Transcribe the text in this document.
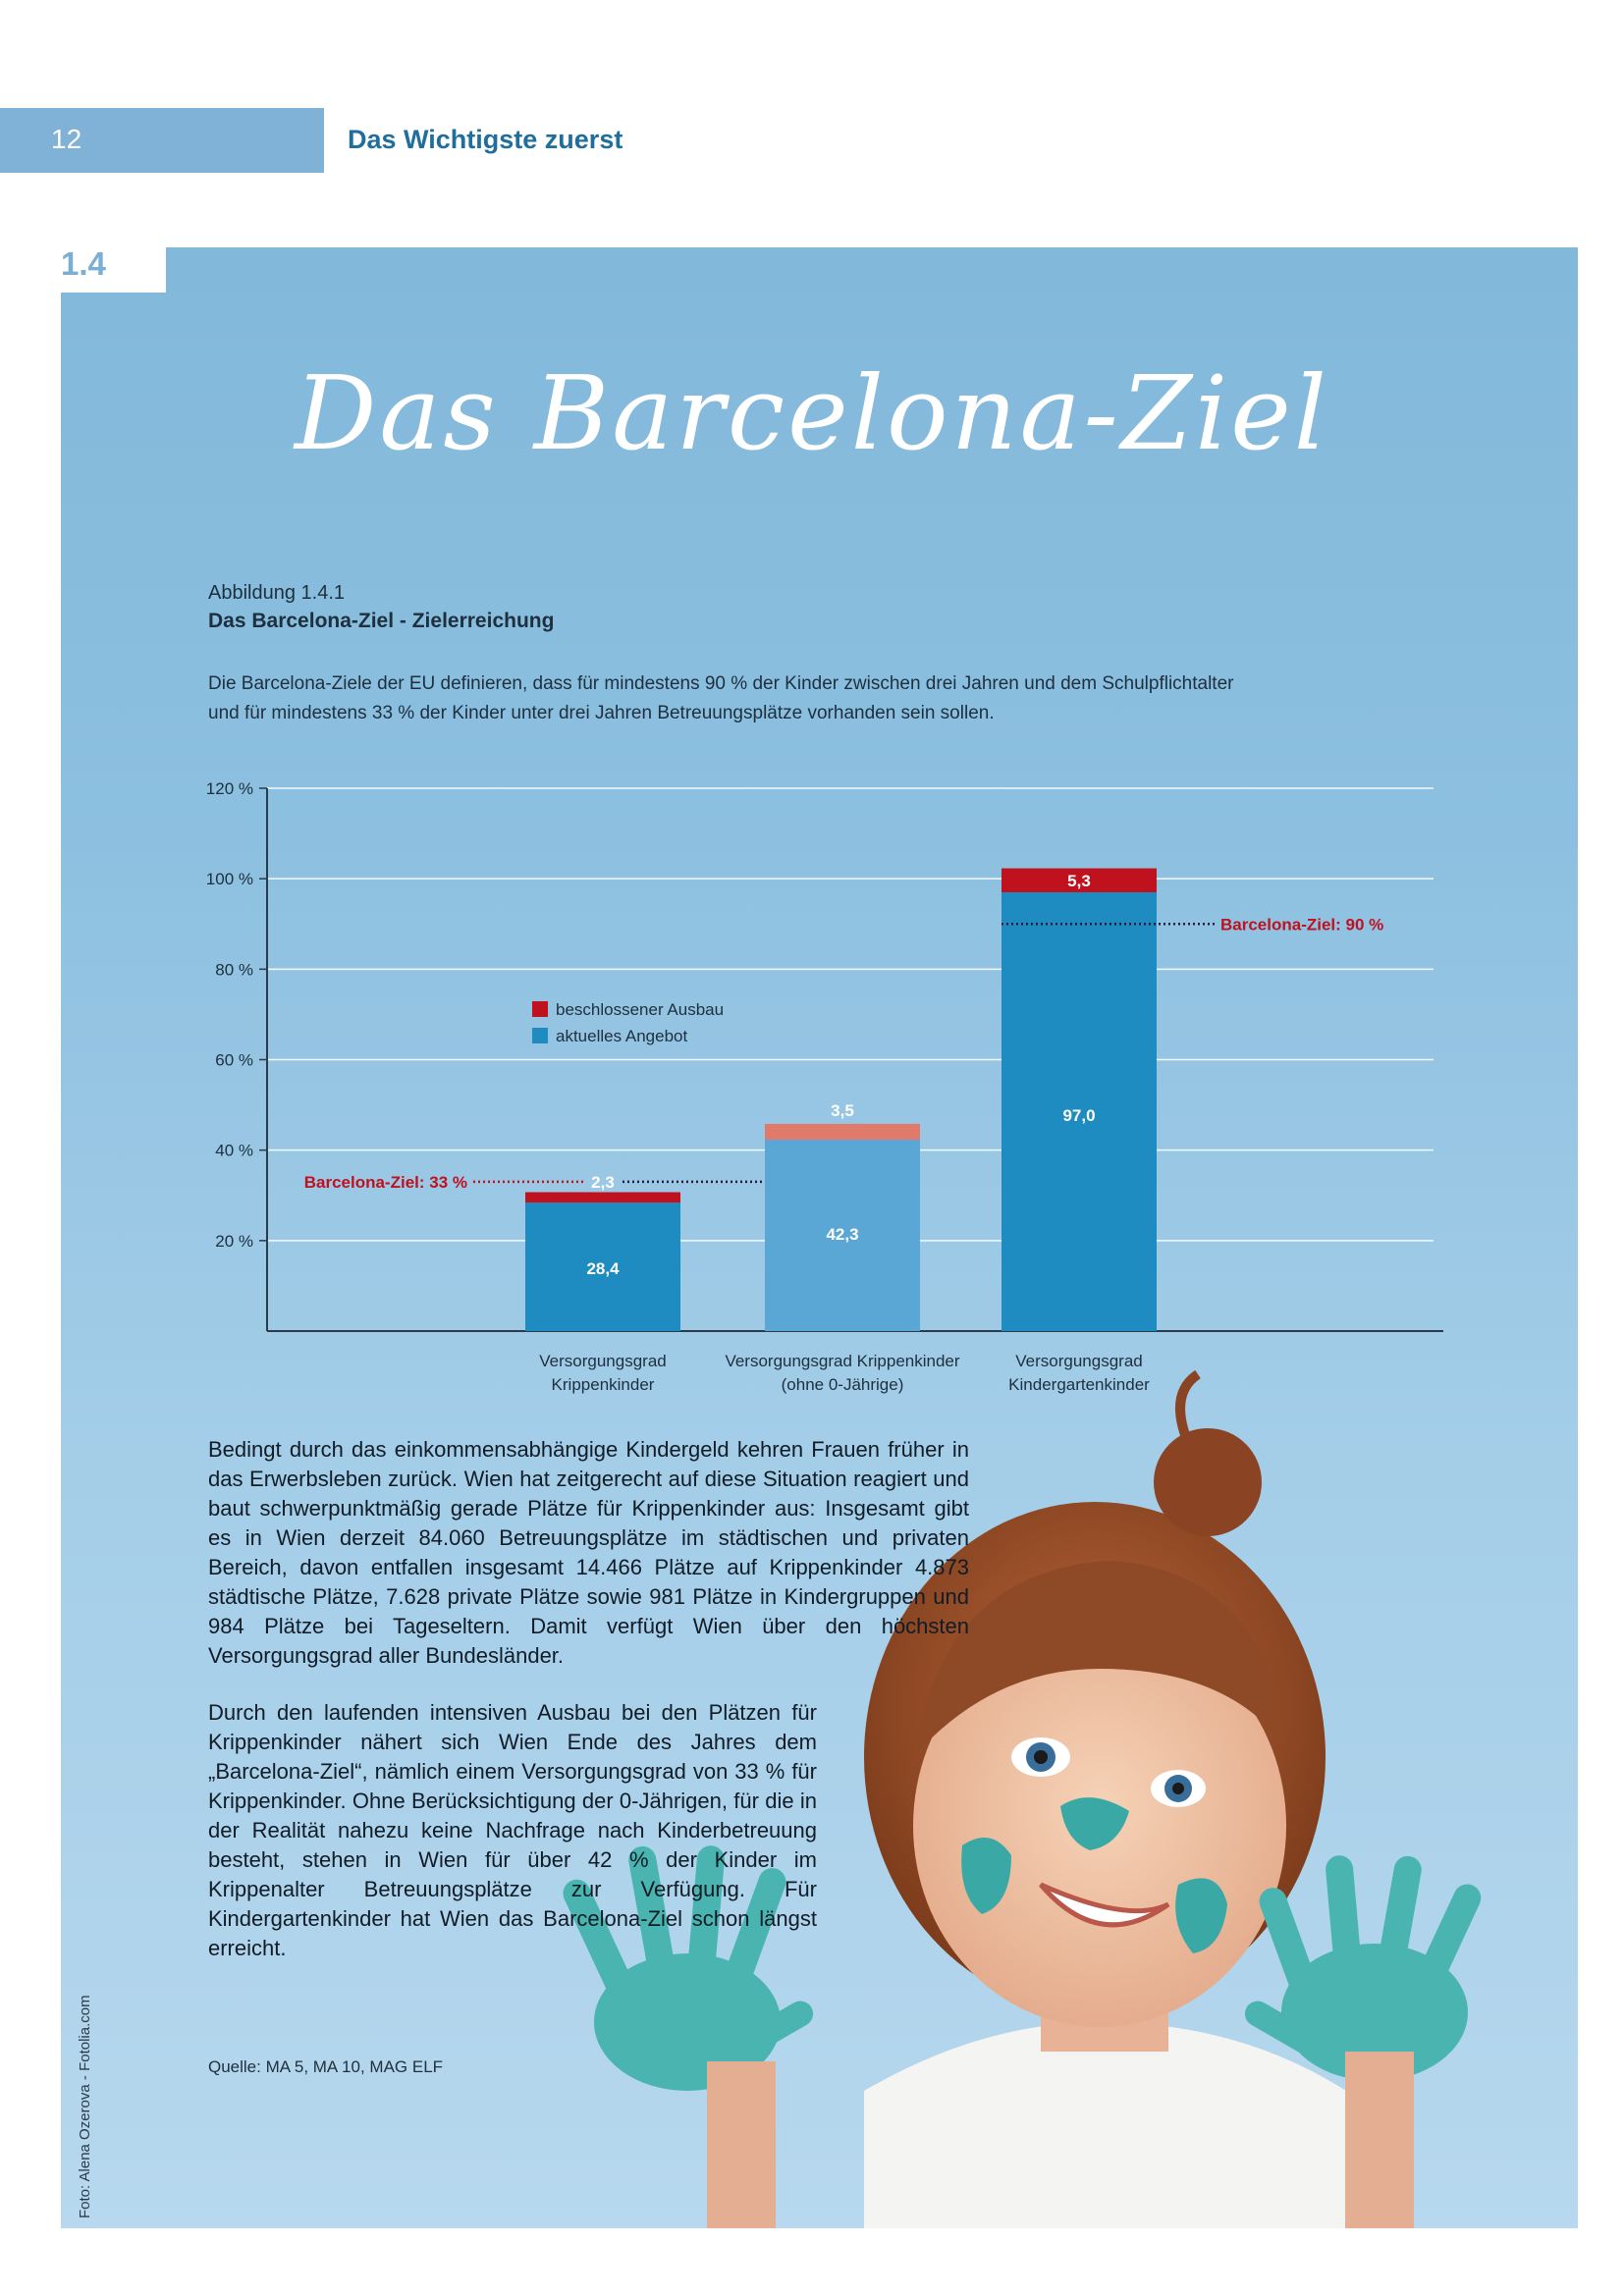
12	Das Wichtigste zuerst
1.4
Das Barcelona-Ziel
Abbildung 1.4.1
Das Barcelona-Ziel - Zielerreichung
Die Barcelona-Ziele der EU definieren, dass für mindestens 90 % der Kinder zwischen drei Jahren und dem Schulpflichtalter und für mindestens 33 % der Kinder unter drei Jahren Betreuungsplätze vorhanden sein sollen.
20 %
40 %
60 %
80 %
100 %
120 %
Barcelona-Ziel: 90 %
Barcelona-Ziel: 33 %
28,4
42,3
97,0
2,3
3,5
5,3
beschlossener Ausbau
aktuelles Angebot
Versorgungsgrad
Krippenkinder
Versorgungsgrad Krippenkinder
(ohne 0-Jährige)
Versorgungsgrad
Kindergartenkinder
Bedingt durch das einkommensabhängige Kindergeld kehren Frauen früher in das Erwerbsleben zurück. Wien hat zeitgerecht auf diese Situation reagiert und baut schwerpunktmäßig gerade Plätze für Krippenkinder aus: Insgesamt gibt es in Wien derzeit 84.060 Betreuungsplätze im städtischen und privaten Bereich, davon entfallen insgesamt 14.466 Plätze auf Krippenkinder 4.873 städtische Plätze, 7.628 private Plätze sowie 981 Plätze in Kindergruppen und 984 Plätze bei Tageseltern. Damit verfügt Wien über den höchsten Versorgungsgrad aller Bundesländer.
Durch den laufenden intensiven Ausbau bei den Plätzen für Krippenkinder nähert sich Wien Ende des Jahres dem „Barcelona-Ziel“, nämlich einem Versorgungsgrad von 33 % für Krippenkinder. Ohne Berücksichtigung der 0-Jährigen, für die in der Realität nahezu keine Nachfrage nach Kinderbetreuung besteht, stehen in Wien für über 42 % der Kinder im Krippenalter Betreuungsplätze zur Verfügung. Für Kindergartenkinder hat Wien das Barcelona-Ziel schon längst erreicht.
Quelle: MA 5, MA 10, MAG ELF
Foto: Alena Ozerova - Fotolia.com
